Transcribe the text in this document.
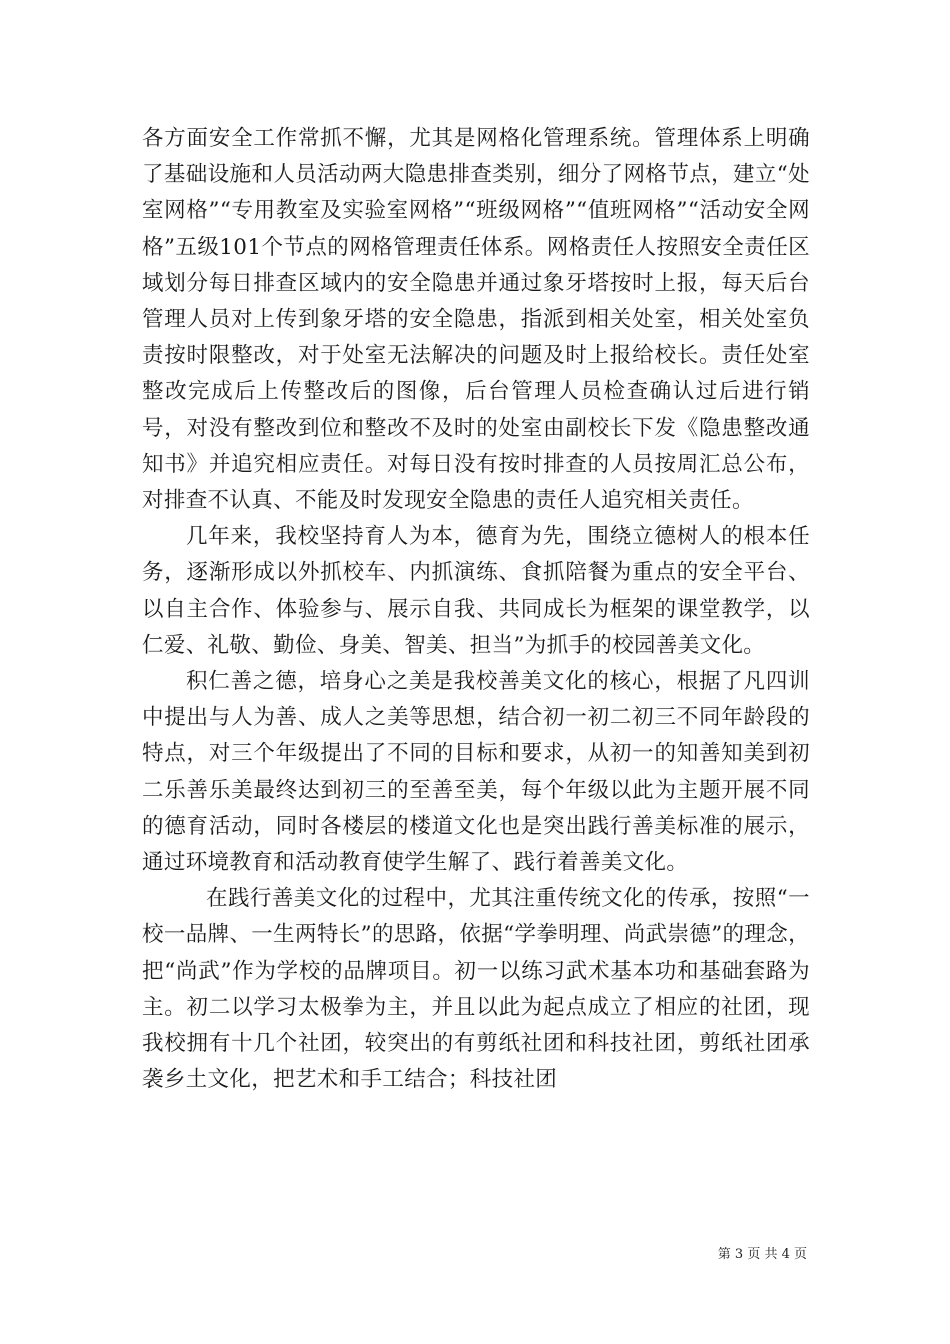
各方面安全工作常抓不懈，尤其是网格化管理系统。管理体系上明确了基础设施和人员活动两大隐患排查类别，细分了网格节点，建立“处室网格”“专用教室及实验室网格”“班级网格”“值班网格”“活动安全网格”五级101个节点的网格管理责任体系。网格责任人按照安全责任区域划分每日排查区域内的安全隐患并通过象牙塔按时上报，每天后台管理人员对上传到象牙塔的安全隐患，指派到相关处室，相关处室负责按时限整改，对于处室无法解决的问题及时上报给校长。责任处室整改完成后上传整改后的图像，后台管理人员检查确认过后进行销号，对没有整改到位和整改不及时的处室由副校长下发《隐患整改通知书》并追究相应责任。对每日没有按时排查的人员按周汇总公布，对排查不认真、不能及时发现安全隐患的责任人追究相关责任。

几年来，我校坚持育人为本，德育为先，围绕立德树人的根本任务，逐渐形成以外抓校车、内抓演练、食抓陪餐为重点的安全平台、以自主合作、体验参与、展示自我、共同成长为框架的课堂教学，以仁爱、礼敬、勤俭、身美、智美、担当”为抓手的校园善美文化。

积仁善之德，培身心之美是我校善美文化的核心，根据了凡四训中提出与人为善、成人之美等思想，结合初一初二初三不同年龄段的特点，对三个年级提出了不同的目标和要求，从初一的知善知美到初二乐善乐美最终达到初三的至善至美，每个年级以此为主题开展不同的德育活动，同时各楼层的楼道文化也是突出践行善美标准的展示，通过环境教育和活动教育使学生解了、践行着善美文化。

在践行善美文化的过程中，尤其注重传统文化的传承，按照“一校一品牌、一生两特长”的思路，依据“学拳明理、尚武崇德”的理念，把“尚武”作为学校的品牌项目。初一以练习武术基本功和基础套路为主。初二以学习太极拳为主，并且以此为起点成立了相应的社团，现我校拥有十几个社团，较突出的有剪纸社团和科技社团，剪纸社团承袭乡土文化，把艺术和手工结合；科技社团

第 3 页 共 4 页
